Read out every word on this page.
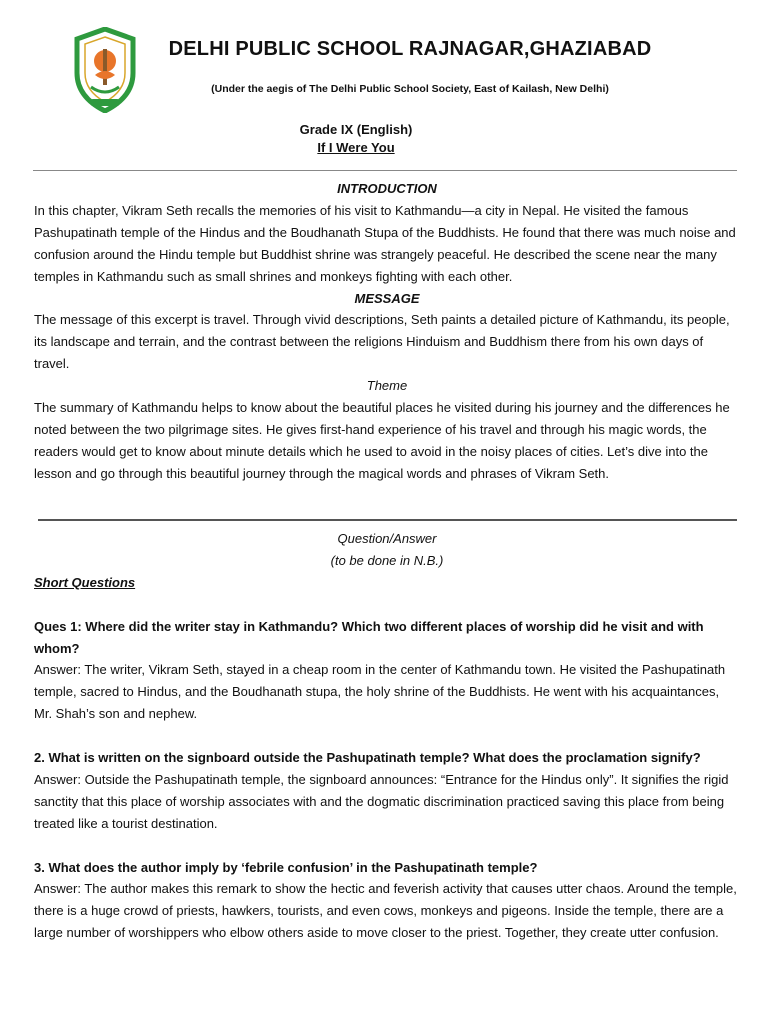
DELHI PUBLIC SCHOOL RAJNAGAR,GHAZIABAD
(Under the aegis of The Delhi Public School Society, East of Kailash, New Delhi)
Grade IX (English)
If I Were You

INTRODUCTION

In this chapter, Vikram Seth recalls the memories of his visit to Kathmandu—a city in Nepal. He visited the famous Pashupatinath temple of the Hindus and the Boudhanath Stupa of the Buddhists. He found that there was much noise and confusion around the Hindu temple but Buddhist shrine was strangely peaceful. He described the scene near the many temples in Kathmandu such as small shrines and monkeys fighting with each other.

MESSAGE

The message of this excerpt is travel. Through vivid descriptions, Seth paints a detailed picture of Kathmandu, its people, its landscape and terrain, and the contrast between the religions Hinduism and Buddhism there from his own days of travel.

Theme

The summary of Kathmandu helps to know about the beautiful places he visited during his journey and the differences he noted between the two pilgrimage sites. He gives first-hand experience of his travel and through his magic words, the readers would get to know about minute details which he used to avoid in the noisy places of cities. Let’s dive into the lesson and go through this beautiful journey through the magical words and phrases of Vikram Seth.

Question/Answer

(to be done in N.B.)

Short Questions

Ques 1: Where did the writer stay in Kathmandu? Which two different places of worship did he visit and with whom?

Answer: The writer, Vikram Seth, stayed in a cheap room in the center of Kathmandu town. He visited the Pashupatinath temple, sacred to Hindus, and the Boudhanath stupa, the holy shrine of the Buddhists. He went with his acquaintances, Mr. Shah’s son and nephew.

2. What is written on the signboard outside the Pashupatinath temple? What does the proclamation signify?

Answer: Outside the Pashupatinath temple, the signboard announces: “Entrance for the Hindus only”. It signifies the rigid sanctity that this place of worship associates with and the dogmatic discrimination practiced saving this place from being treated like a tourist destination.

3. What does the author imply by ‘febrile confusion’ in the Pashupatinath temple?

Answer: The author makes this remark to show the hectic and feverish activity that causes utter chaos. Around the temple, there is a huge crowd of priests, hawkers, tourists, and even cows, monkeys and pigeons. Inside the temple, there are a large number of worshippers who elbow others aside to move closer to the priest. Together, they create utter confusion.
